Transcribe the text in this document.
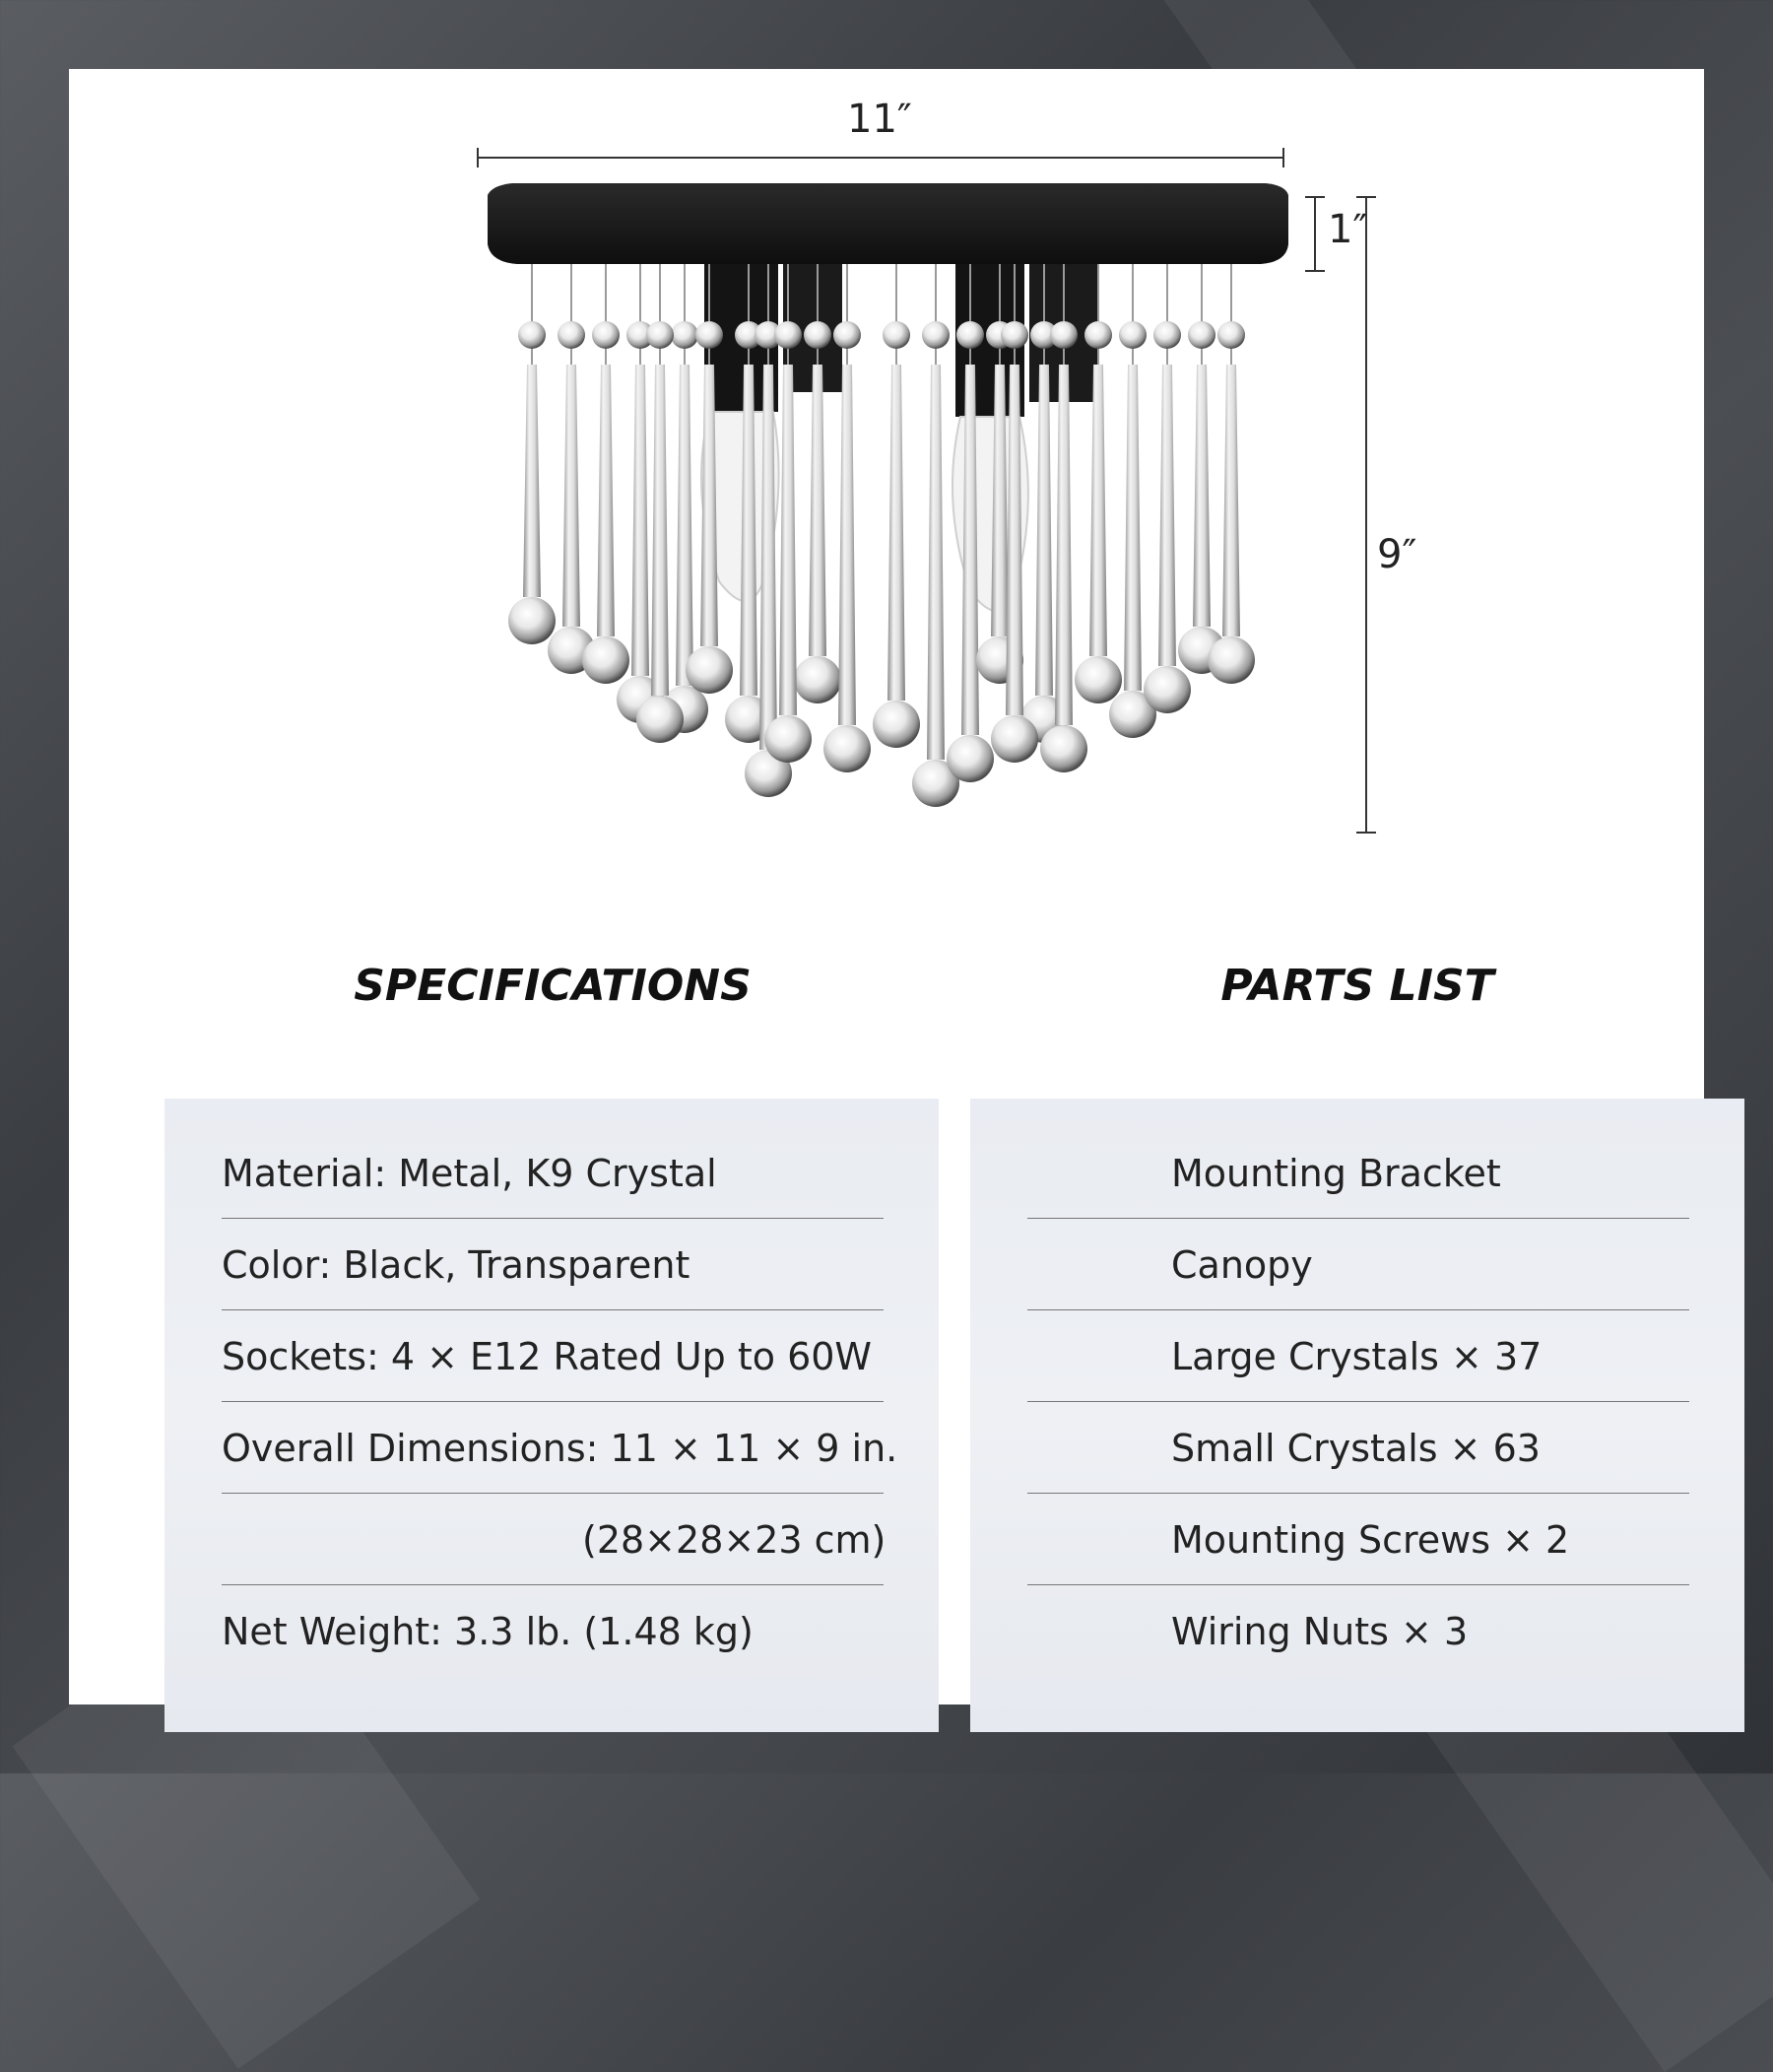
11″
1″
9″
SPECIFICATIONS	PARTS LIST
Material: Metal, K9 Crystal
Color: Black, Transparent
Sockets: 4 × E12 Rated Up to 60W
Overall Dimensions: 11 × 11 × 9 in.
(28×28×23 cm)
Net Weight: 3.3 lb. (1.48 kg)
Mounting Bracket
Canopy
Large Crystals × 37
Small Crystals × 63
Mounting Screws × 2
Wiring Nuts × 3
